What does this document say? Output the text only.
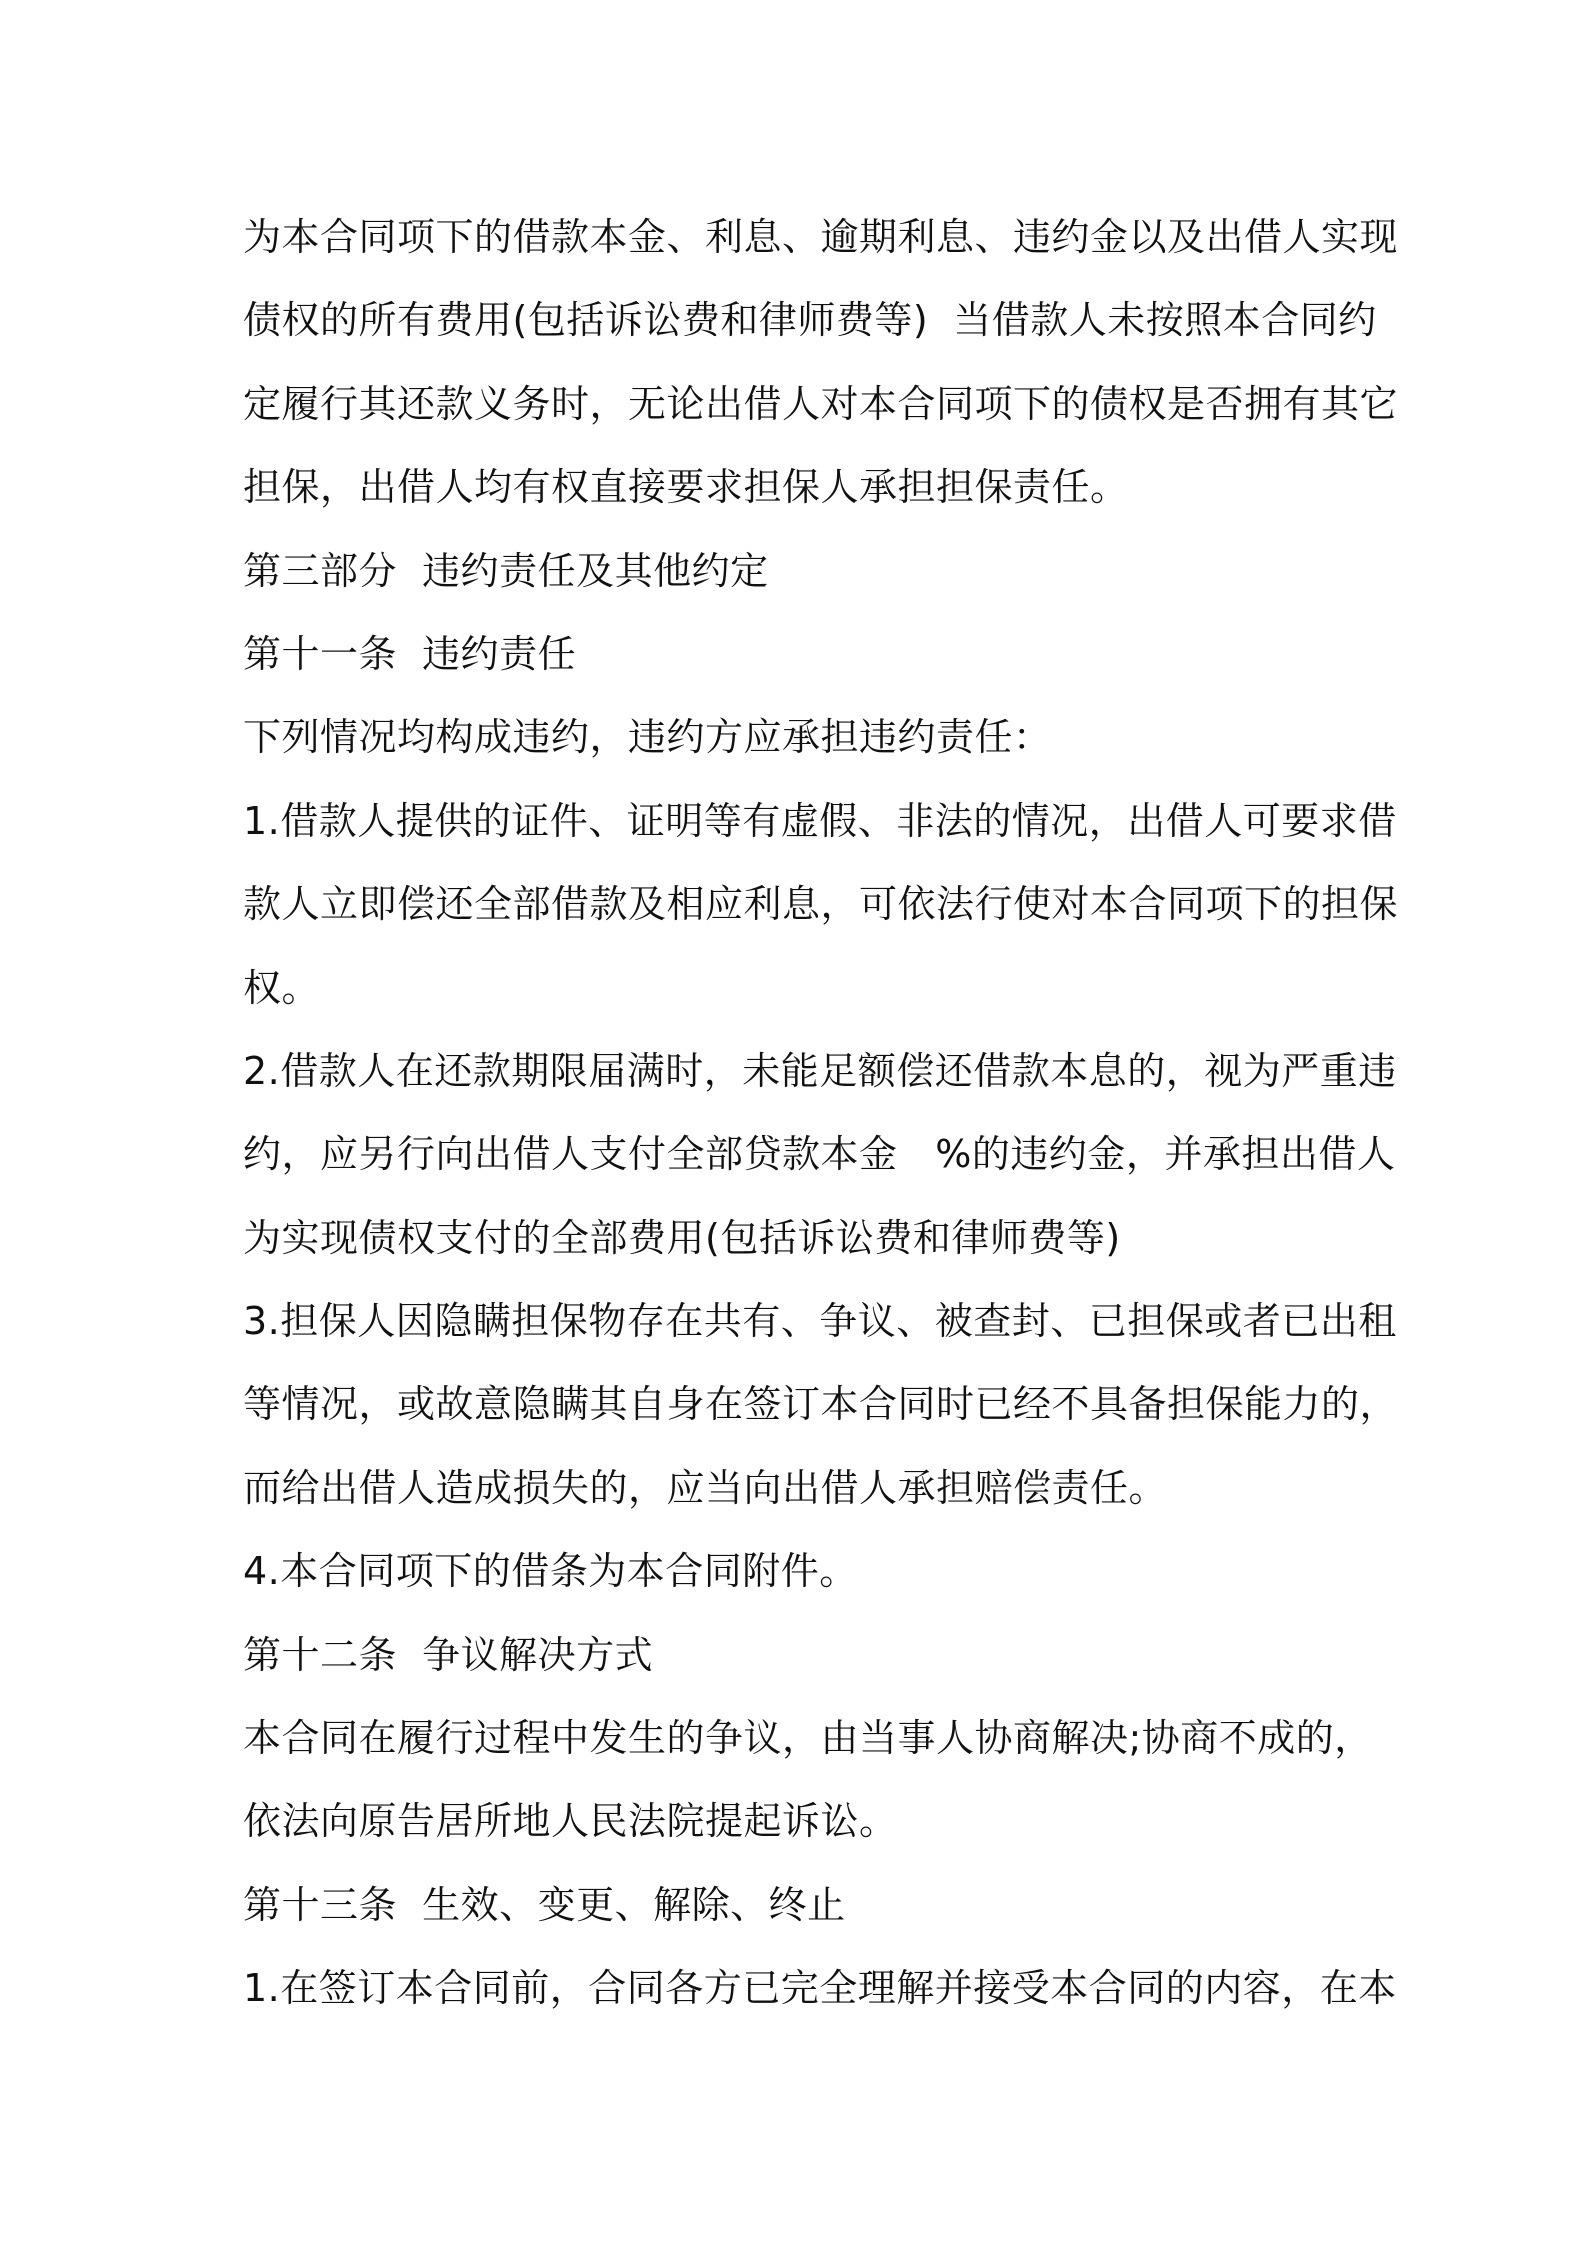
为本合同项下的借款本金、利息、逾期利息、违约金以及出借人实现
债权的所有费用(包括诉讼费和律师费等)  当借款人未按照本合同约
定履行其还款义务时，无论出借人对本合同项下的债权是否拥有其它
担保，出借人均有权直接要求担保人承担担保责任。
第三部分  违约责任及其他约定
第十一条  违约责任
下列情况均构成违约，违约方应承担违约责任：
1.借款人提供的证件、证明等有虚假、非法的情况，出借人可要求借
款人立即偿还全部借款及相应利息，可依法行使对本合同项下的担保
权。
2.借款人在还款期限届满时，未能足额偿还借款本息的，视为严重违
约，应另行向出借人支付全部贷款本金   %的违约金，并承担出借人
为实现债权支付的全部费用(包括诉讼费和律师费等)
3.担保人因隐瞒担保物存在共有、争议、被查封、已担保或者已出租
等情况，或故意隐瞒其自身在签订本合同时已经不具备担保能力的，
而给出借人造成损失的，应当向出借人承担赔偿责任。
4.本合同项下的借条为本合同附件。
第十二条  争议解决方式
本合同在履行过程中发生的争议，由当事人协商解决;协商不成的，
依法向原告居所地人民法院提起诉讼。
第十三条  生效、变更、解除、终止
1.在签订本合同前，合同各方已完全理解并接受本合同的内容，在本
